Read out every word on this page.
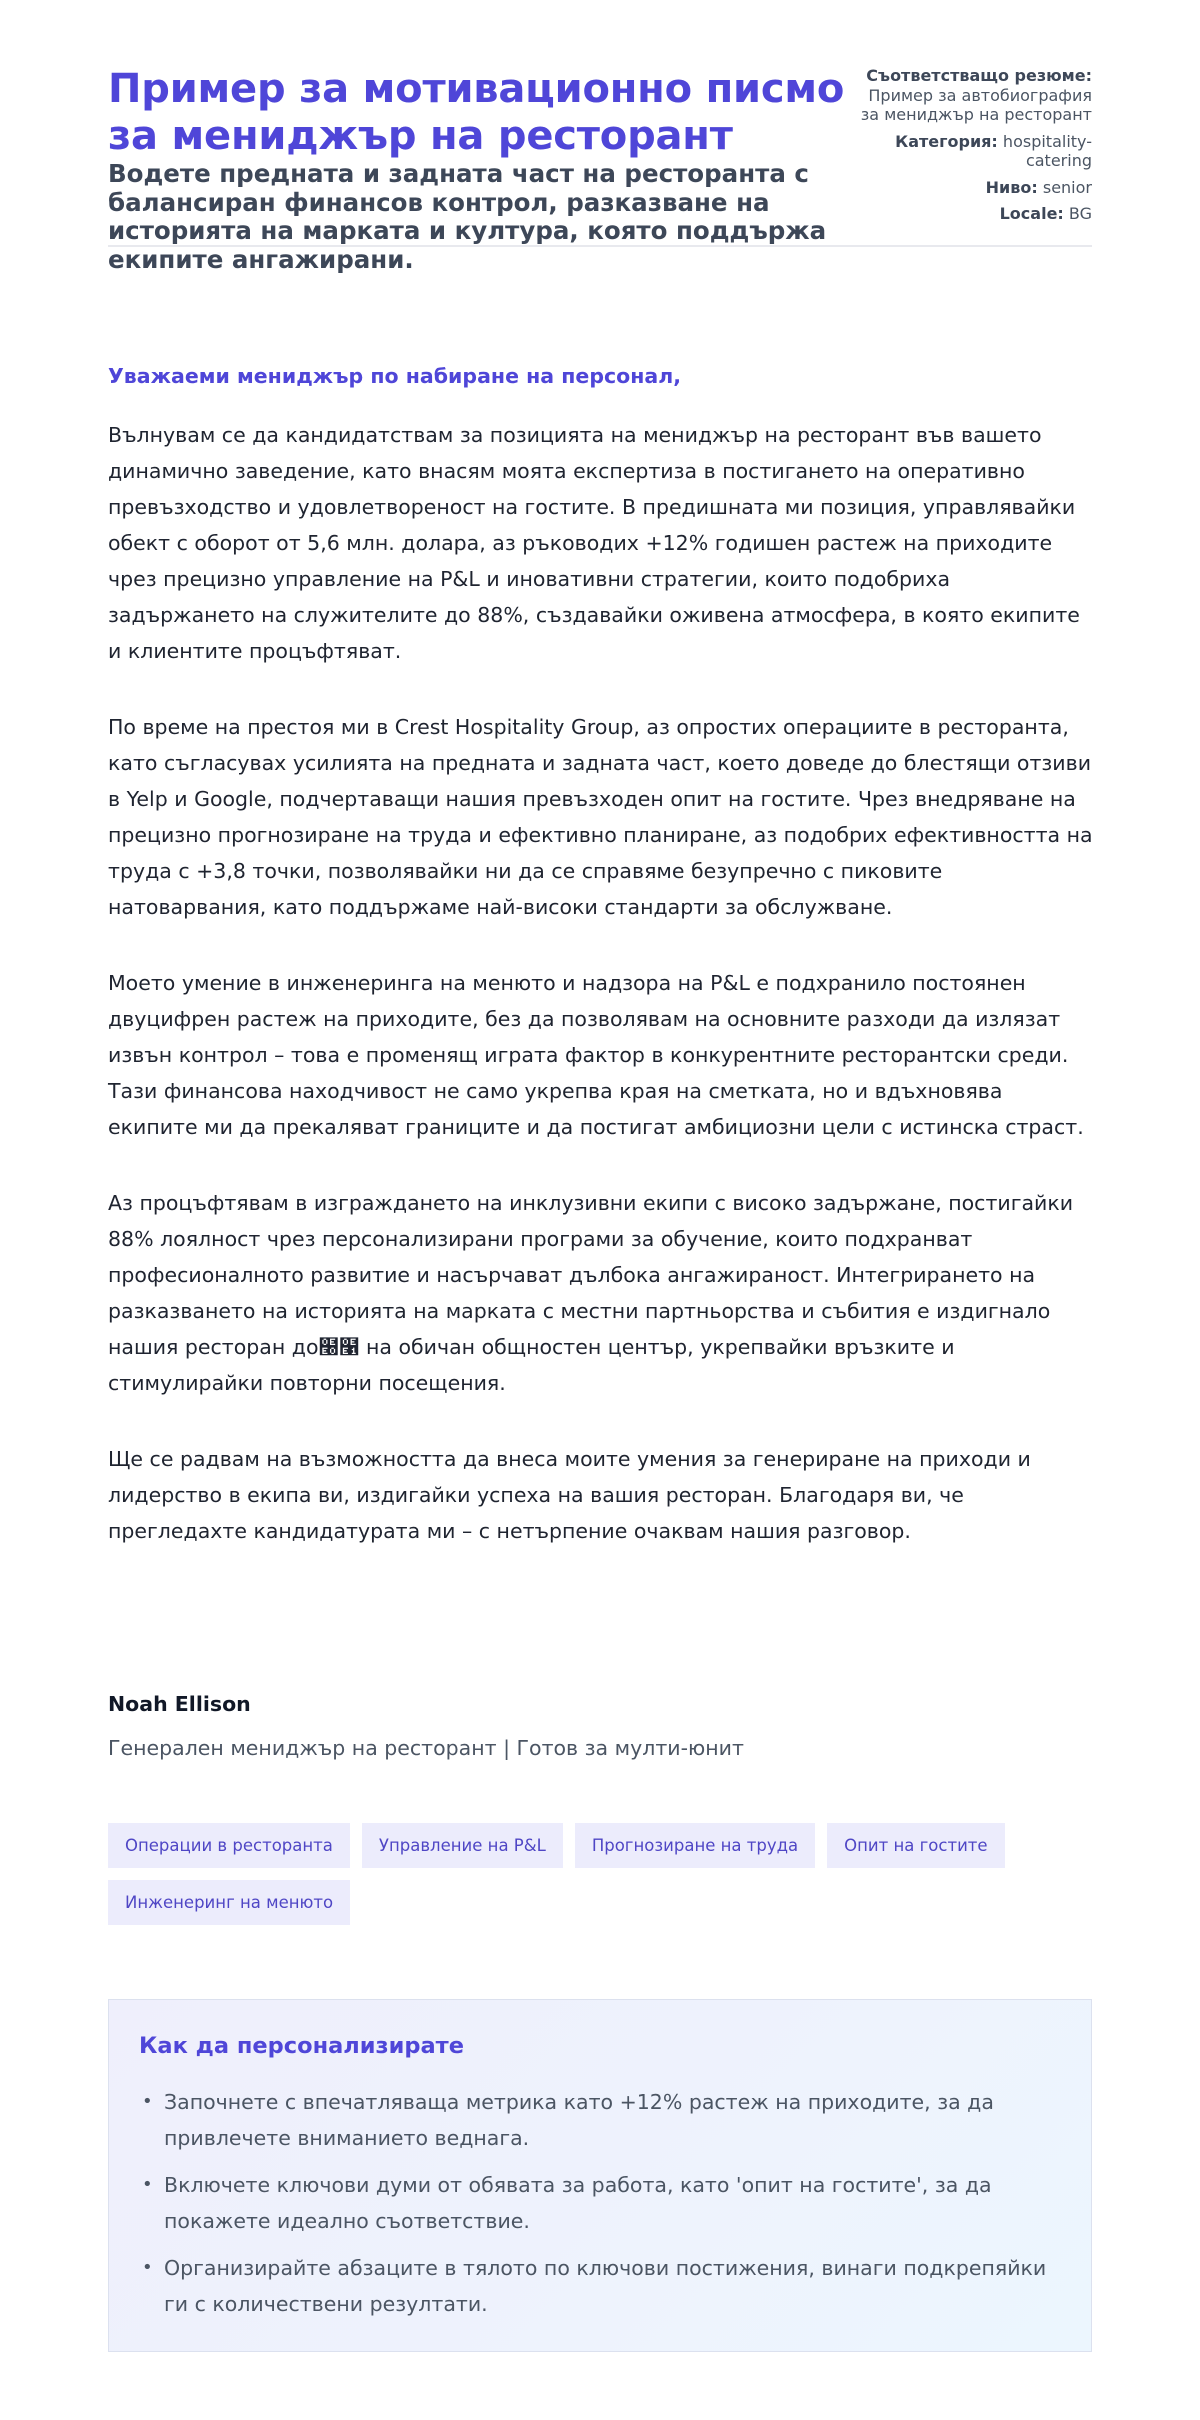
Пример за мотивационно писмо за мениджър на ресторант

Водете предната и задната част на ресторанта с балансиран финансов контрол, разказване на историята на марката и култура, която поддържа екипите ангажирани.

Съответстващо резюме: Пример за автобиография за мениджър на ресторант
Категория: hospitality-catering
Ниво: senior
Locale: BG

Уважаеми мениджър по набиране на персонал,

Вълнувам се да кандидатствам за позицията на мениджър на ресторант във вашето динамично заведение, като внасям моята експертиза в постигането на оперативно превъзходство и удовлетвореност на гостите. В предишната ми позиция, управлявайки обект с оборот от 5,6 млн. долара, аз ръководих +12% годишен растеж на приходите чрез прецизно управление на P&L и иновативни стратегии, които подобриха задържането на служителите до 88%, създавайки оживена атмосфера, в която екипите и клиентите процъфтяват.

По време на престоя ми в Crest Hospitality Group, аз опростих операциите в ресторанта, като съгласувах усилията на предната и задната част, което доведе до блестящи отзиви в Yelp и Google, подчертаващи нашия превъзходен опит на гостите. Чрез внедряване на прецизно прогнозиране на труда и ефективно планиране, аз подобрих ефективността на труда с +3,8 точки, позволявайки ни да се справяме безупречно с пиковите натоварвания, като поддържаме най-високи стандарти за обслужване.

Моето умение в инженеринга на менюто и надзора на P&L е подхранило постоянен двуцифрен растеж на приходите, без да позволявам на основните разходи да излязат извън контрол – това е променящ играта фактор в конкурентните ресторантски среди. Тази финансова находчивост не само укрепва края на сметката, но и вдъхновява екипите ми да прекаляват границите и да постигат амбициозни цели с истинска страст.

Аз процъфтявам в изграждането на инклузивни екипи с високо задържане, постигайки 88% лоялност чрез персонализирани програми за обучение, които подхранват професионалното развитие и насърчават дълбока ангажираност. Интегрирането на разказването на историята на марката с местни партньорства и събития е издигнало нашия ресторан до໠໡ на обичан общностен център, укрепвайки връзките и стимулирайки повторни посещения.

Ще се радвам на възможността да внеса моите умения за генериране на приходи и лидерство в екипа ви, издигайки успеха на вашия ресторан. Благодаря ви, че прегледахте кандидатурата ми – с нетърпение очаквам нашия разговор.

Noah Ellison

Генерален мениджър на ресторант | Готов за мулти-юнит

Операции в ресторанта	Управление на P&L	Прогнозиране на труда	Опит на гостите
Инженеринг на менюто
Как да персонализирате
• Започнете с впечатляваща метрика като +12% растеж на приходите, за да привлечете вниманието веднага.
• Включете ключови думи от обявата за работа, като 'опит на гостите', за да покажете идеално съответствие.
• Организирайте абзаците в тялото по ключови постижения, винаги подкрепяйки ги с количествени резултати.
